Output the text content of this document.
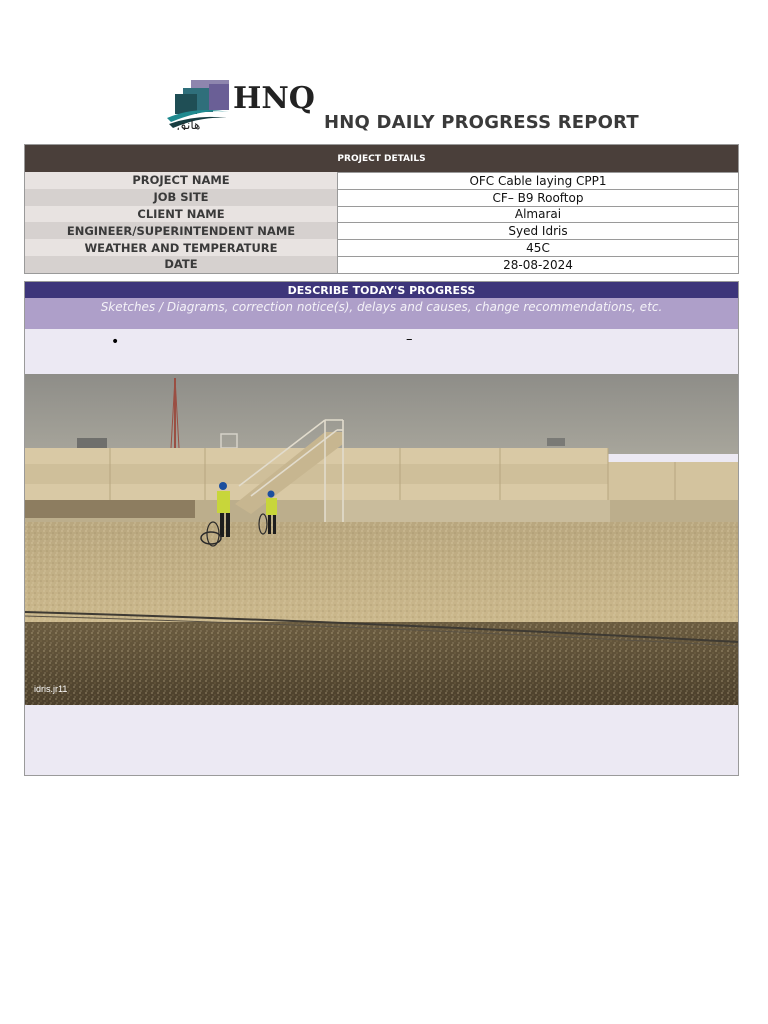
HNQ
هانق	HNQ DAILY PROGRESS REPORT
PROJECT DETAILS
PROJECT NAME	OFC Cable laying CPP1
JOB SITE	CF– B9 Rooftop
CLIENT NAME	Almarai
ENGINEER/SUPERINTENDENT NAME	Syed Idris
WEATHER AND TEMPERATURE	45C
DATE	28-08-2024
DESCRIBE TODAY'S PROGRESS
Sketches / Diagrams, correction notice(s), delays and causes, change recommendations, etc.
•	–
idris.jr11
